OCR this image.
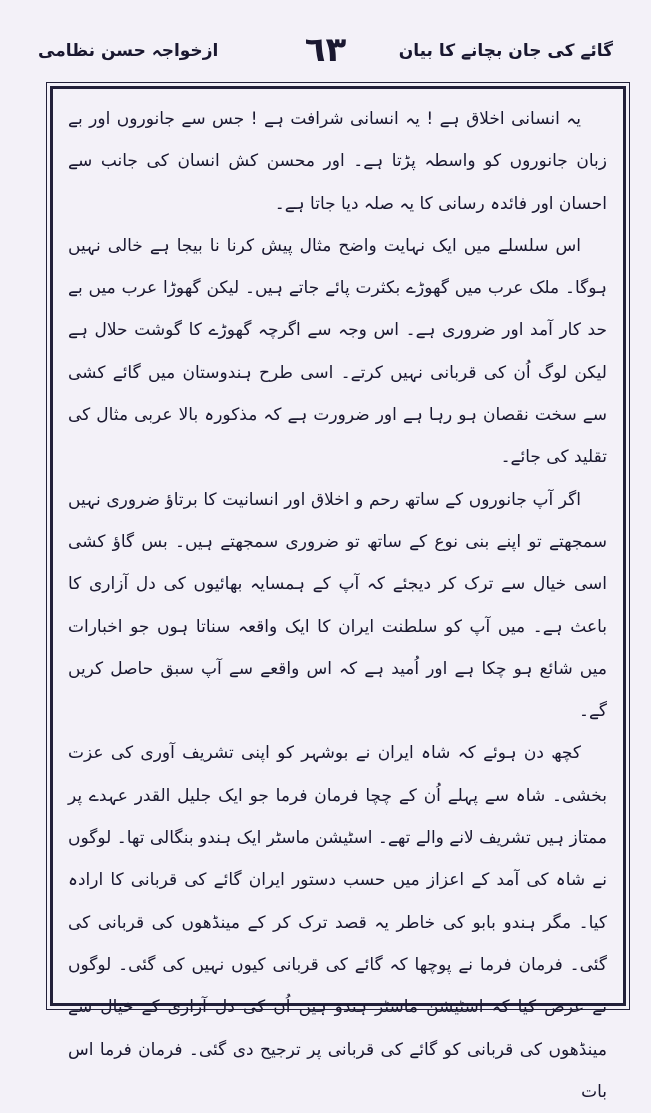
ازخواجہ حسن نظامی	٦٣	گائے کی جان بچانے کا بیان

یہ انسانی اخلاق ہے ! یہ انسانی شرافت ہے ! جس سے جانوروں اور بے زبان جانوروں کو واسطہ پڑتا ہے۔ اور محسن کش انسان کی جانب سے احسان اور فائدہ رسانی کا یہ صلہ دیا جاتا ہے۔

اس سلسلے میں ایک نہایت واضح مثال پیش کرنا نا بیجا ہے خالی نہیں ہوگا۔ ملک عرب میں گھوڑے بکثرت پائے جاتے ہیں۔ لیکن گھوڑا عرب میں بے حد کار آمد اور ضروری ہے۔ اس وجہ سے اگرچہ گھوڑے کا گوشت حلال ہے لیکن لوگ اُن کی قربانی نہیں کرتے۔ اسی طرح ہندوستان میں گائے کشی سے سخت نقصان ہو رہا ہے اور ضرورت ہے کہ مذکورہ بالا عربی مثال کی تقلید کی جائے۔

اگر آپ جانوروں کے ساتھ رحم و اخلاق اور انسانیت کا برتاؤ ضروری نہیں سمجھتے تو اپنے بنی نوع کے ساتھ تو ضروری سمجھتے ہیں۔ بس گاؤ کشی اسی خیال سے ترک کر دیجئے کہ آپ کے ہمسایہ بھائیوں کی دل آزاری کا باعث ہے۔ میں آپ کو سلطنت ایران کا ایک واقعہ سناتا ہوں جو اخبارات میں شائع ہو چکا ہے اور اُمید ہے کہ اس واقعے سے آپ سبق حاصل کریں گے۔

کچھ دن ہوئے کہ شاہ ایران نے بوشہر کو اپنی تشریف آوری کی عزت بخشی۔ شاہ سے پہلے اُن کے چچا فرمان فرما جو ایک جلیل القدر عہدے پر ممتاز ہیں تشریف لانے والے تھے۔ اسٹیشن ماسٹر ایک ہندو بنگالی تھا۔ لوگوں نے شاہ کی آمد کے اعزاز میں حسب دستور ایران گائے کی قربانی کا ارادہ کیا۔ مگر ہندو بابو کی خاطر یہ قصد ترک کر کے مینڈھوں کی قربانی کی گئی۔ فرمان فرما نے پوچھا کہ گائے کی قربانی کیوں نہیں کی گئی۔ لوگوں نے عرض کیا کہ اسٹیشن ماسٹر ہندو ہیں اُن کی دل آزاری کے خیال سے مینڈھوں کی قربانی کو گائے کی قربانی پر ترجیح دی گئی۔ فرمان فرما اس بات
